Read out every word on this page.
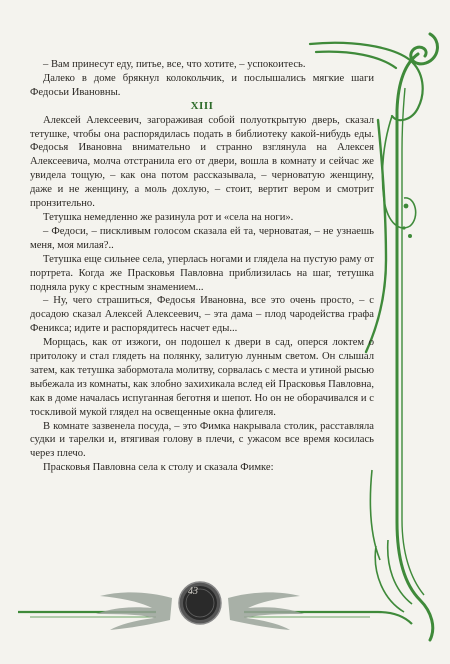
– Вам принесут еду, питье, все, что хотите, – успокоитесь.

Далеко в доме брякнул колокольчик, и послышались мягкие шаги Федосьи Ивановны.

XIII

Алексей Алексеевич, загораживая собой полуоткрытую дверь, сказал тетушке, чтобы она распорядилась подать в библиотеку какой-нибудь еды. Федосья Ивановна внимательно и странно взглянула на Алексея Алексеевича, молча отстранила его от двери, вошла в комнату и сейчас же увидела тощую, – как она потом рассказывала, – черноватую женщину, даже и не женщину, а моль дохлую, – стоит, вертит вером и смотрит пронзительно.

Тетушка немедленно же разинула рот и «села на ноги».

– Федоси, – пискливым голосом сказала ей та, черноватая, – не узнаешь меня, моя милая?..

Тетушка еще сильнее села, уперлась ногами и глядела на пустую раму от портрета. Когда же Прасковья Павловна приблизилась на шаг, тетушка подняла руку с крестным знамением...

– Ну, чего страшиться, Федосья Ивановна, все это очень просто, – с досадою сказал Алексей Алексеевич, – эта дама – плод чародейства графа Феникса; идите и распорядитесь насчет еды...

Морщась, как от изжоги, он подошел к двери в сад, оперся локтем о притолоку и стал глядеть на полянку, залитую лунным светом. Он слышал затем, как тетушка забормотала молитву, сорвалась с места и утиной рысью выбежала из комнаты, как злобно захихикала вслед ей Прасковья Павловна, как в доме началась испуганная беготня и шепот. Но он не оборачивался и с тоскливой мукой глядел на освещенные окна флигеля.

В комнате зазвенела посуда, – это Фимка накрывала столик, расставляла судки и тарелки и, втягивая голову в плечи, с ужасом все время косилась через плечо.

Прасковья Павловна села к столу и сказала Фимке:

43
